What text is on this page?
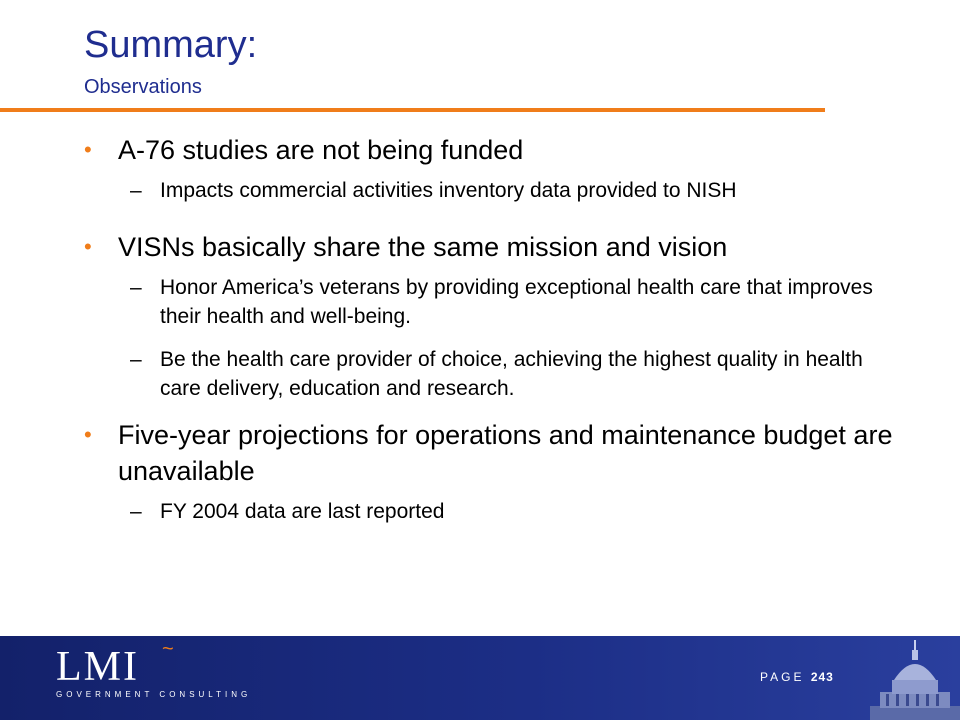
Summary:
Observations
• A-76 studies are not being funded
– Impacts commercial activities inventory data provided to NISH
• VISNs basically share the same mission and vision
– Honor America’s veterans by providing exceptional health care that improves their health and well-being.
– Be the health care provider of choice, achieving the highest quality in health care delivery, education and research.
• Five-year projections for operations and maintenance budget are unavailable
– FY 2004 data are last reported
LMI	~
GOVERNMENT CONSULTING
PAGE 243
